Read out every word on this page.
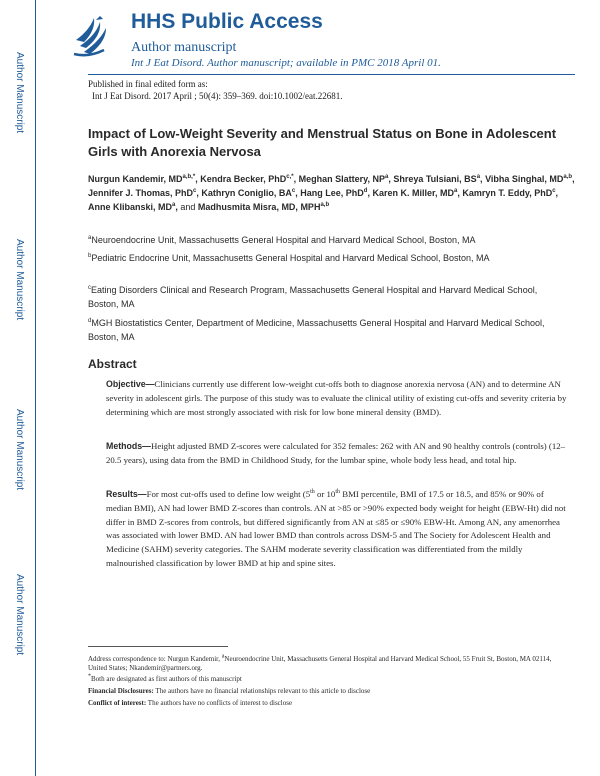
Author Manuscript
Author Manuscript
Author Manuscript
Author Manuscript
HHS Public Access
Author manuscript
Int J Eat Disord. Author manuscript; available in PMC 2018 April 01.
Published in final edited form as:
Int J Eat Disord. 2017 April ; 50(4): 359–369. doi:10.1002/eat.22681.
Impact of Low-Weight Severity and Menstrual Status on Bone in Adolescent Girls with Anorexia Nervosa
Nurgun Kandemir, $MD^{a,b,*}$, Kendra Becker, PhD$^{c,*}$, Meghan Slattery, $NP^a$, Shreya Tulsiani, $BS^a$, Vibha Singhal, MD$^{a,b}$, Jennifer J. Thomas, PhD$^c$, Kathryn Coniglio, $BA^c$, Hang Lee, PhD$^d$, Karen K. Miller, $MD^a$, Kamryn T. Eddy, PhD$^c$, Anne Klibanski, $MD^a$, and Madhusmita Misra, MD, MPH$^{a,b}$
$^a$Neuroendocrine Unit, Massachusetts General Hospital and Harvard Medical School, Boston, MA
$^b$Pediatric Endocrine Unit, Massachusetts General Hospital and Harvard Medical School, Boston, MA
$^c$Eating Disorders Clinical and Research Program, Massachusetts General Hospital and Harvard Medical School, Boston, MA
$^d$MGH Biostatistics Center, Department of Medicine, Massachusetts General Hospital and Harvard Medical School, Boston, MA
Abstract
Objective—Clinicians currently use different low-weight cut-offs both to diagnose anorexia nervosa (AN) and to determine AN severity in adolescent girls. The purpose of this study was to evaluate the clinical utility of existing cut-offs and severity criteria by determining which are most strongly associated with risk for low bone mineral density (BMD).
Methods—Height adjusted BMD Z-scores were calculated for 352 females: 262 with AN and 90 healthy controls (controls) (12–20.5 years), using data from the BMD in Childhood Study, for the lumbar spine, whole body less head, and total hip.
Results—For most cut-offs used to define low weight (5th or 10th BMI percentile, BMI of 17.5 or 18.5, and 85% or 90% of median BMI), AN had lower BMD Z-scores than controls. AN at >85 or >90% expected body weight for height (EBW-Ht) did not differ in BMD Z-scores from controls, but differed significantly from AN at ≤85 or ≤90% EBW-Ht. Among AN, any amenorrhea was associated with lower BMD. AN had lower BMD than controls across DSM-5 and The Society for Adolescent Health and Medicine (SAHM) severity categories. The SAHM moderate severity classification was differentiated from the mildly malnourished classification by lower BMD at hip and spine sites.
Address correspondence to: Nurgun Kandemir, $^a$Neuroendocrine Unit, Massachusetts General Hospital and Harvard Medical School, 55 Fruit St, Boston, MA 02114, United States; Nkandemir@partners.org.
*Both are designated as first authors of this manuscript
Financial Disclosures: The authors have no financial relationships relevant to this article to disclose
Conflict of interest: The authors have no conflicts of interest to disclose
